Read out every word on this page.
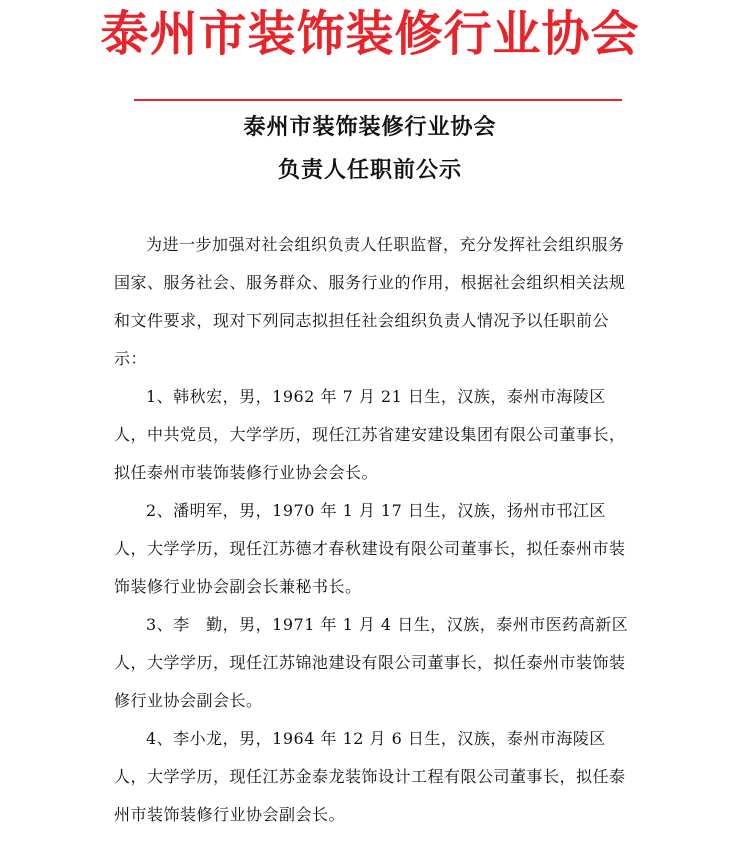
泰州市装饰装修行业协会
泰州市装饰装修行业协会
负责人任职前公示

为进一步加强对社会组织负责人任职监督，充分发挥社会组织服务国家、服务社会、服务群众、服务行业的作用，根据社会组织相关法规和文件要求，现对下列同志拟担任社会组织负责人情况予以任职前公示：

1、韩秋宏，男，1962 年 7 月 21 日生，汉族，泰州市海陵区人，中共党员，大学学历，现任江苏省建安建设集团有限公司董事长，拟任泰州市装饰装修行业协会会长。

2、潘明军，男，1970 年 1 月 17 日生，汉族，扬州市邗江区人，大学学历，现任江苏德才春秋建设有限公司董事长，拟任泰州市装饰装修行业协会副会长兼秘书长。

3、李　勤，男，1971 年 1 月 4 日生，汉族，泰州市医药高新区人，大学学历，现任江苏锦池建设有限公司董事长，拟任泰州市装饰装修行业协会副会长。

4、李小龙，男，1964 年 12 月 6 日生，汉族，泰州市海陵区人，大学学历，现任江苏金泰龙装饰设计工程有限公司董事长，拟任泰州市装饰装修行业协会副会长。
